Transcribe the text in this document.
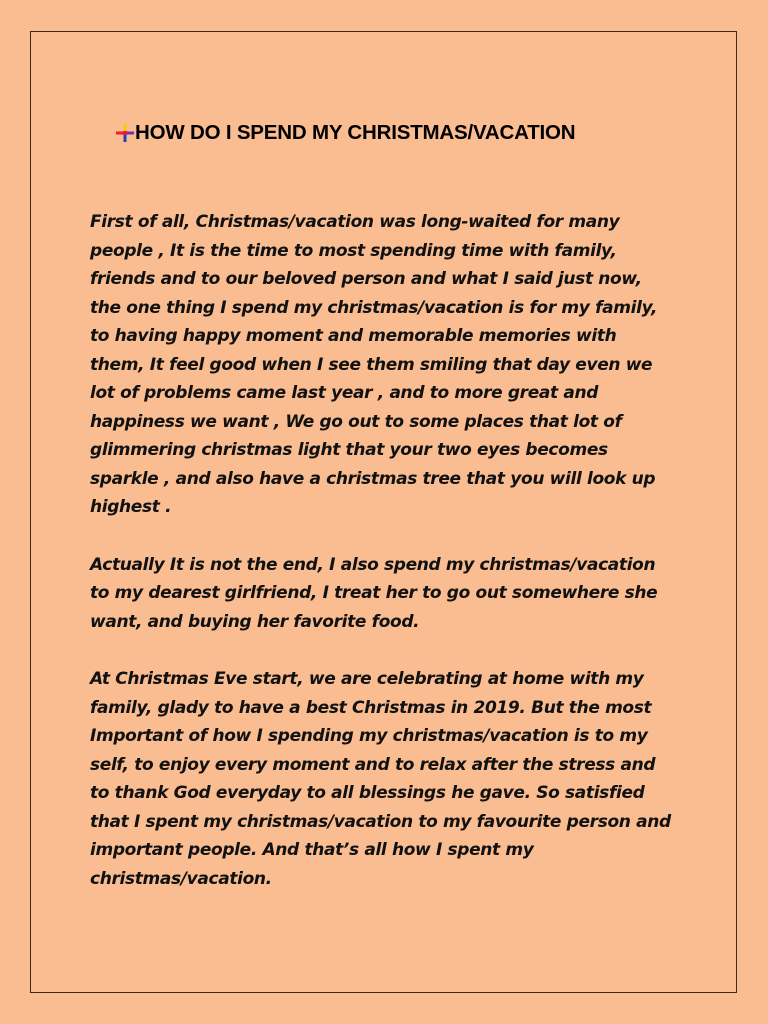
HOW DO I SPEND MY CHRISTMAS/VACATION

First of all, Christmas/vacation was long-waited for many
people , It is the time to most spending time with family,
friends and to our beloved person and what I said just now,
the one thing I spend my christmas/vacation is for my family,
to having happy moment and memorable memories with
them, It feel good when I see them smiling that day even we
lot of problems came last year , and to more great and
happiness we want , We go out to some places that lot of
glimmering christmas light that your two eyes becomes
sparkle , and also have a christmas tree that you will look up
highest .

Actually It is not the end, I also spend my christmas/vacation
to my dearest girlfriend, I treat her to go out somewhere she
want, and buying her favorite food.

At Christmas Eve start, we are celebrating at home with my
family, glady to have a best Christmas in 2019. But the most
Important of how I spending my christmas/vacation is to my
self, to enjoy every moment and to relax after the stress and
to thank God everyday to all blessings he gave. So satisfied
that I spent my christmas/vacation to my favourite person and
important people. And that’s all how I spent my
christmas/vacation.
